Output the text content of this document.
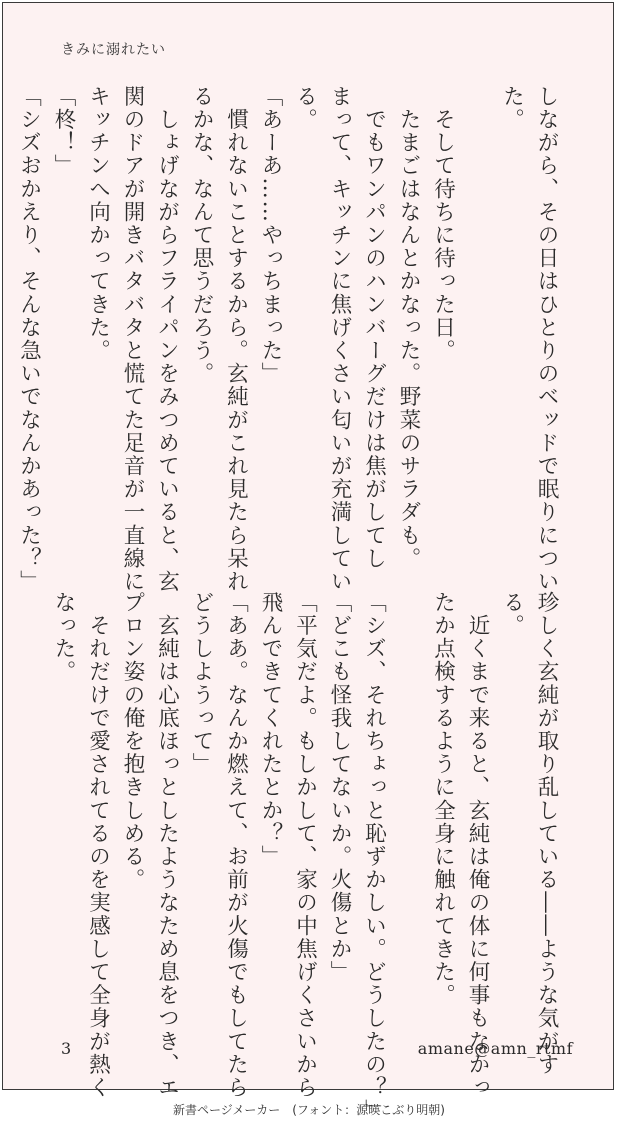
きみに溺れたい
しながら、その日はひとりのベッドで眠りについ
た。

　そして待ちに待った日。
　たまごはなんとかなった。野菜のサラダも。
　でもワンパンのハンバーグだけは焦がしてし
まって、キッチンに焦げくさい匂いが充満してい
る。
「あーあ……やっちまった」
　慣れないことするから。玄純がこれ見たら呆れ
るかな、なんて思うだろう。
　しょげながらフライパンをみつめていると、玄
関のドアが開きバタバタと慌てた足音が一直線に
キッチンへ向かってきた。
「柊！」
「シズおかえり、そんな急いでなんかあった？」
珍しく玄純が取り乱している――ような気がす
る。
　近くまで来ると、玄純は俺の体に何事もなかっ
たか点検するように全身に触れてきた。

「シズ、それちょっと恥ずかしい。どうしたの？」
「どこも怪我してないか。火傷とか」
「平気だよ。もしかして、家の中焦げくさいから
飛んできてくれたとか？」
「ああ。なんか燃えて、お前が火傷でもしてたら
どうしようって」
　玄純は心底ほっとしたようなため息をつき、エ
プロン姿の俺を抱きしめる。
　それだけで愛されてるのを実感して全身が熱く
なった。
3	amane@amn_rtmf
新書ページメーカー　(フォント：源暎こぶり明朝)
